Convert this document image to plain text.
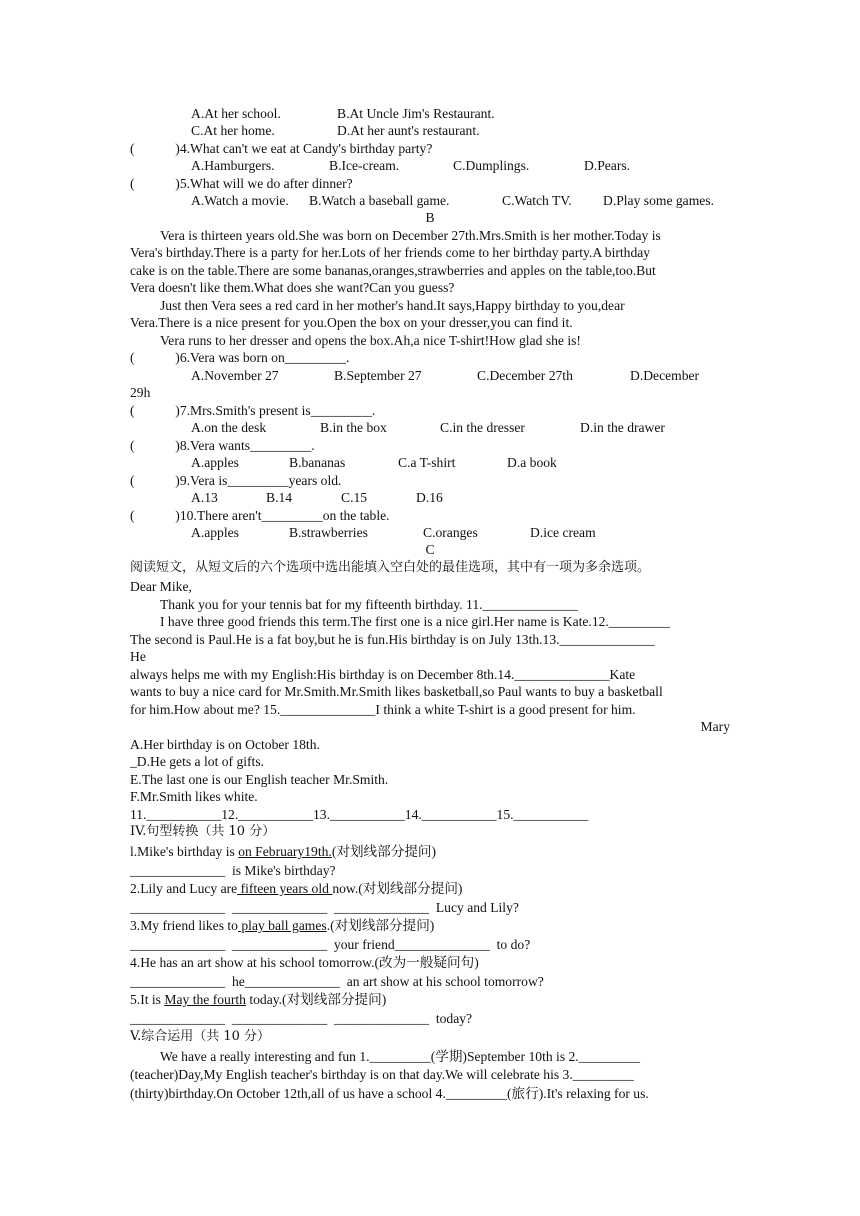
A.At her school.	B.At Uncle Jim's Restaurant.
C.At her home.	D.At her aunt's restaurant.
(            )4.What can't we eat at Candy's birthday party?
A.Hamburgers.	B.Ice-cream.	C.Dumplings.	D.Pears.
(            )5.What will we do after dinner?
A.Watch a movie. B.Watch a baseball game.	C.Watch TV. D.Play some games.
B
Vera is thirteen years old.She was born on December 27th.Mrs.Smith is her mother.Today is
Vera's birthday.There is a party for her.Lots of her friends come to her birthday party.A birthday
cake is on the table.There are some bananas,oranges,strawberries and apples on the table,too.But
Vera doesn't like them.What does she want?Can you guess?
Just then Vera sees a red card in her mother's hand.It says,Happy birthday to you,dear
Vera.There is a nice present for you.Open the box on your dresser,you can find it.
Vera runs to her dresser and opens the box.Ah,a nice T-shirt!How glad she is!
(            )6.Vera was born on_________.
A.November 27	B.September 27	C.December 27th	D.December
29h
(            )7.Mrs.Smith's present is_________.
A.on the desk	B.in the box	C.in the dresser	D.in the drawer
(            )8.Vera wants_________.
A.apples	B.bananas	C.a T-shirt	D.a book
(            )9.Vera is_________years old.
A.13	B.14	C.15	D.16
(            )10.There aren't_________on the table.
A.apples	B.strawberries	C.oranges	D.ice cream
C
阅读短文，从短文后的六个选项中选出能填入空白处的最佳选项，其中有一项为多余选项。
Dear Mike,
Thank you for your tennis bat for my fifteenth birthday. 11.______________
I have three good friends this term.The first one is a nice girl.Her name is Kate.12._________
The second is Paul.He is a fat boy,but he is fun.His birthday is on July 13th.13.______________
He
always helps me with my English:His birthday is on December 8th.14.______________Kate
wants to buy a nice card for Mr.Smith.Mr.Smith likes basketball,so Paul wants to buy a basketball
for him.How about me? 15.______________I think a white T-shirt is a good present for him.
Mary
A.Her birthday is on October 18th.
_D.He gets a lot of gifts.
E.The last one is our English teacher Mr.Smith.
F.Mr.Smith likes white.
11.___________12.___________13.___________14.___________15.___________
IV.句型转换（共 10 分）
l.Mike's birthday is on February19th.(对划线部分提问)
______________  is Mike's birthday?
2.Lily and Lucy are fifteen years old now.(对划线部分提问)
______________  ______________  ______________  Lucy and Lily?
3.My friend likes to play ball games.(对划线部分提问)
______________  ______________  your friend______________  to do?
4.He has an art show at his school tomorrow.(改为一般疑问句)
______________  he______________  an art show at his school tomorrow?
5.It is May the fourth today.(对划线部分提问)
______________  ______________  ______________  today?
V.综合运用（共 10 分）
We have a really interesting and fun 1._________(学期)September 10th is 2._________
(teacher)Day,My English teacher's birthday is on that day.We will celebrate his 3._________
(thirty)birthday.On October 12th,all of us have a school 4._________(旅行).It's relaxing for us.
